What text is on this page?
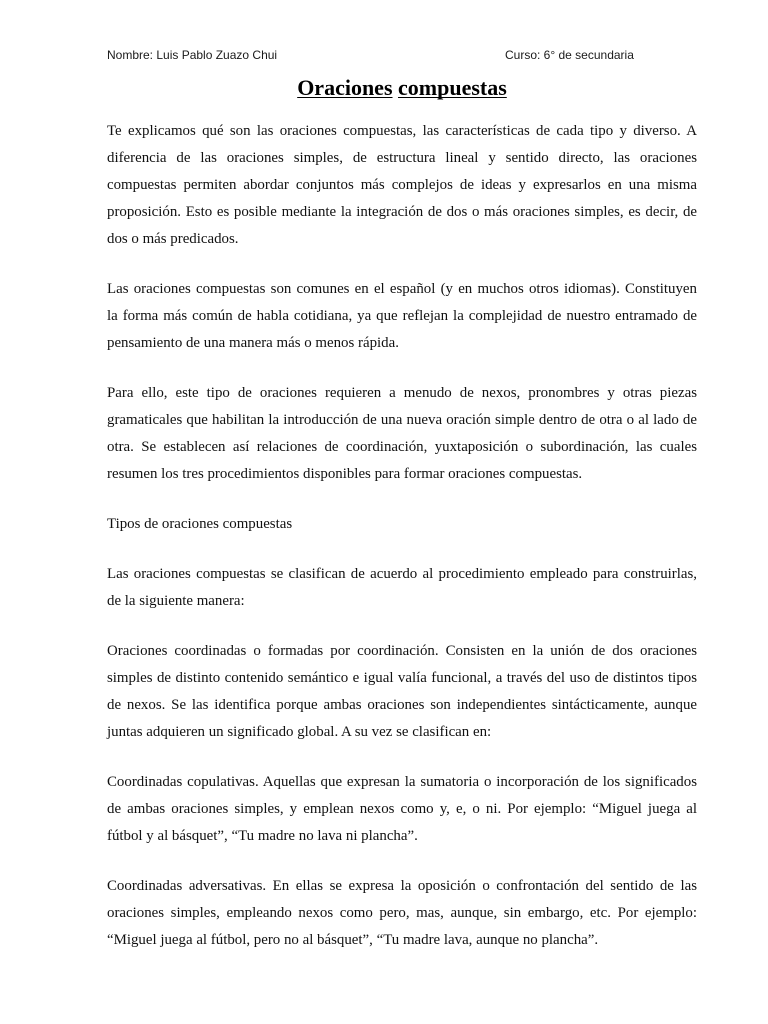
Nombre: Luis Pablo Zuazo Chui	Curso: 6° de secundaria
Oraciones compuestas
Te explicamos qué son las oraciones compuestas, las características de cada tipo y diverso. A
diferencia de las oraciones simples, de estructura lineal y sentido directo, las oraciones
compuestas permiten abordar conjuntos más complejos de ideas y expresarlos en una misma
proposición. Esto es posible mediante la integración de dos o más oraciones simples, es decir, de
dos o más predicados.
Las oraciones compuestas son comunes en el español (y en muchos otros idiomas). Constituyen
la forma más común de habla cotidiana, ya que reflejan la complejidad de nuestro entramado de
pensamiento de una manera más o menos rápida.
Para ello, este tipo de oraciones requieren a menudo de nexos, pronombres y otras piezas
gramaticales que habilitan la introducción de una nueva oración simple dentro de otra o al lado de
otra. Se establecen así relaciones de coordinación, yuxtaposición o subordinación, las cuales
resumen los tres procedimientos disponibles para formar oraciones compuestas.
Tipos de oraciones compuestas
Las oraciones compuestas se clasifican de acuerdo al procedimiento empleado para construirlas,
de la siguiente manera:
Oraciones coordinadas o formadas por coordinación. Consisten en la unión de dos oraciones
simples de distinto contenido semántico e igual valía funcional, a través del uso de distintos tipos
de nexos. Se las identifica porque ambas oraciones son independientes sintácticamente, aunque
juntas adquieren un significado global. A su vez se clasifican en:
Coordinadas copulativas. Aquellas que expresan la sumatoria o incorporación de los significados
de ambas oraciones simples, y emplean nexos como y, e, o ni. Por ejemplo: “Miguel juega al
fútbol y al básquet”, “Tu madre no lava ni plancha”.
Coordinadas adversativas. En ellas se expresa la oposición o confrontación del sentido de las
oraciones simples, empleando nexos como pero, mas, aunque, sin embargo, etc. Por ejemplo:
“Miguel juega al fútbol, pero no al básquet”, “Tu madre lava, aunque no plancha”.
